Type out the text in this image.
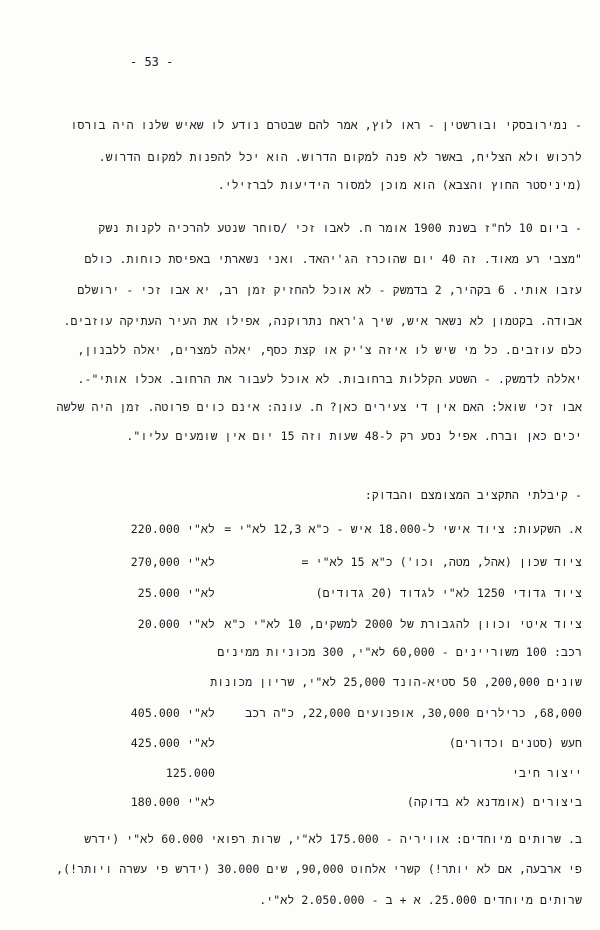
- 53 -
- נמירובסקי ובורשטין - ראו לוץ, אמר להם שבטרם נודע לו שאיש שלנו היה בורסו
לרכוש ולא הצליח, באשר לא פנה למקום הדרוש. הוא יכל להפנות למקום הדרוש.
(מיניסטר החוץ והצבא) הוא מוכן למסור הידיעות לברזילי.
- ביום 10 לח"ז בשנת 1900 אומר ח. לאבו זכי /סוחר שנטע להרכיה לקנות נשק
"מצבי רע מאוד. זה 40 יום שהוכרז הג'יהאד. ואני נשארתי באפיסת כוחות. כולם
עזבו אותי. 6 בקהיר, 2 בדמשק - לא אוכל להחזיק זמן רב, יא אבו זכי - ירושלם
אבודה. בקטמון לא נשאר איש, שיך ג'ראח נתרוקנה, אפילו את העיר העתיקה עוזבים.
כלם עוזבים. כל מי שיש לו איזה צ'יק או קצת כסף, יאלה למצרים, יאלה ללבנון,
יאללה לדמשק. - השטע הקללות ברחובות. לא אוכל לעבור את הרחוב. אכלו אותי"-.
אבו זכי שואל: האם אין די צעירים כאן? ח. עונה: אינם כוים פרוטה. זמן היה שלשה
יכים כאן וברח. אפיל נסע רק ל-48 שעות וזה 15 יום אין שומעים עליו".
- קיבלתי התקציב המצומצם והבדוק:
א. השקעות: ציוד אישי ל-18.000 איש - כ"א 12,3 לא"י =
220.000 לא"י
ציוד שכון (אהל, מטה, וכו') כ"א 15 לא"י =
270,000 לא"י
ציוד גדודי 1250 לא"י לגדוד (20 גדודים)
25.000 לא"י
ציוד איטי וכוון להגבורת של 2000 למשקים, 10 לא"י כ"א
20.000 לא"י
רכב: 100 משוריינים - 60,000 לא"י, 300 מכוניות ממינים
שונים 200,000, 50 סטיא-הונד 25,000 לא"י, שריון מכונות
68,000, כרילרים 30,000, אופנועים 22,000, כ"ה רכב
405.000 לא"י
חעש (סטנים וכדורים)
425.000 לא"י
ייצור חיבי
125.000
ביצורים (אומדנא לא בדוקה)
180.000 לא"י
ב. שרותים מיוחדים: אוויריה - 175.000 לא"י, שרות רפואי 60.000 לא"י (ידרש
פי ארבעה, אם לא יותר!) קשרי אלחוט 90,000, שים 30.000 (ידרש פי עשרה ויותר!),
שרותים מיוחדים 25.000. א + ב - 2.050.000 לא"י.
